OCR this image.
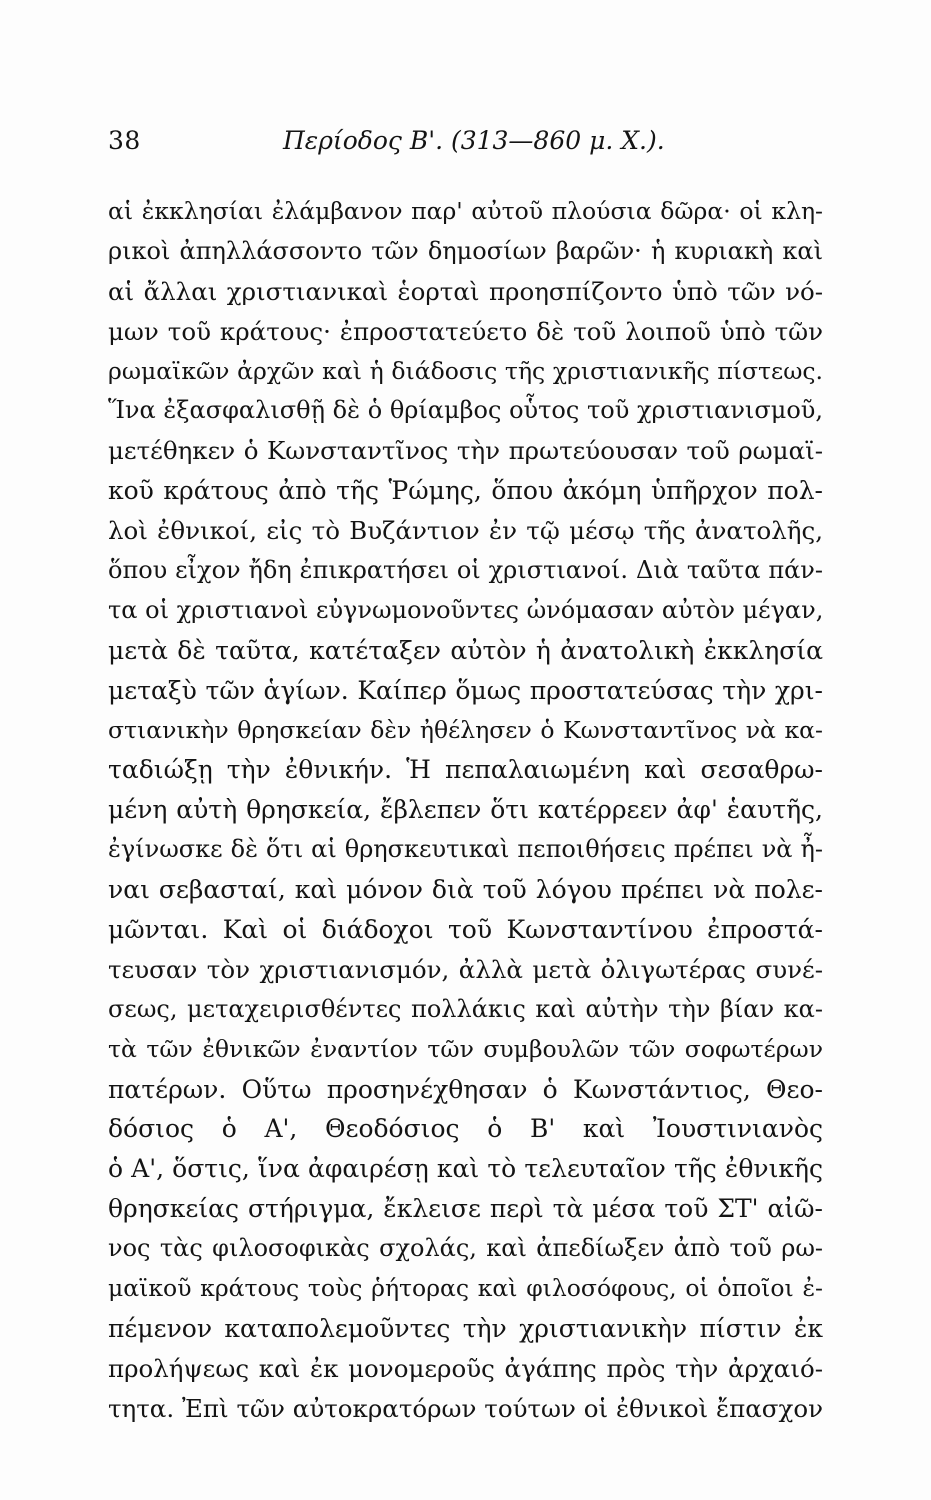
38	Περίοδος Β'. (313—860 μ. Χ.).
αἱ ἐκκλησίαι ἐλάμβανον παρ' αὐτοῦ πλούσια δῶρα· οἱ κλη-
ρικοὶ ἀπηλλάσσοντο τῶν δημοσίων βαρῶν· ἡ κυριακὴ καὶ
αἱ ἄλλαι χριστιανικαὶ ἑορταὶ προησπίζοντο ὑπὸ τῶν νό-
μων τοῦ κράτους· ἐπροστατεύετο δὲ τοῦ λοιποῦ ὑπὸ τῶν
ρωμαϊκῶν ἀρχῶν καὶ ἡ διάδοσις τῆς χριστιανικῆς πίστεως.
Ἵνα ἐξασφαλισθῇ δὲ ὁ θρίαμβος οὗτος τοῦ χριστιανισμοῦ,
μετέθηκεν ὁ Κωνσταντῖνος τὴν πρωτεύουσαν τοῦ ρωμαϊ-
κοῦ κράτους ἀπὸ τῆς Ῥώμης, ὅπου ἀκόμη ὑπῆρχον πολ-
λοὶ ἐθνικοί, εἰς τὸ Βυζάντιον ἐν τῷ μέσῳ τῆς ἀνατολῆς,
ὅπου εἶχον ἤδη ἐπικρατήσει οἱ χριστιανοί. Διὰ ταῦτα πάν-
τα οἱ χριστιανοὶ εὐγνωμονοῦντες ὠνόμασαν αὐτὸν μέγαν,
μετὰ δὲ ταῦτα, κατέταξεν αὐτὸν ἡ ἀνατολικὴ ἐκκλησία
μεταξὺ τῶν ἁγίων. Καίπερ ὅμως προστατεύσας τὴν χρι-
στιανικὴν θρησκείαν δὲν ἠθέλησεν ὁ Κωνσταντῖνος νὰ κα-
ταδιώξῃ τὴν ἐθνικήν. Ἡ πεπαλαιωμένη καὶ σεσαθρω-
μένη αὐτὴ θρησκεία, ἔβλεπεν ὅτι κατέρρεεν ἀφ' ἑαυτῆς,
ἐγίνωσκε δὲ ὅτι αἱ θρησκευτικαὶ πεποιθήσεις πρέπει νὰ ἦ-
ναι σεβασταί, καὶ μόνον διὰ τοῦ λόγου πρέπει νὰ πολε-
μῶνται. Καὶ οἱ διάδοχοι τοῦ Κωνσταντίνου ἐπροστά-
τευσαν τὸν χριστιανισμόν, ἀλλὰ μετὰ ὀλιγωτέρας συνέ-
σεως, μεταχειρισθέντες πολλάκις καὶ αὐτὴν τὴν βίαν κα-
τὰ τῶν ἐθνικῶν ἐναντίον τῶν συμβουλῶν τῶν σοφωτέρων
πατέρων. Οὕτω προσηνέχθησαν ὁ Κωνστάντιος, Θεο-
δόσιος ὁ Α', Θεοδόσιος ὁ Β' καὶ Ἰουστινιανὸς
ὁ Α', ὅστις, ἵνα ἀφαιρέσῃ καὶ τὸ τελευταῖον τῆς ἐθνικῆς
θρησκείας στήριγμα, ἔκλεισε περὶ τὰ μέσα τοῦ ΣΤ' αἰῶ-
νος τὰς φιλοσοφικὰς σχολάς, καὶ ἀπεδίωξεν ἀπὸ τοῦ ρω-
μαϊκοῦ κράτους τοὺς ῥήτορας καὶ φιλοσόφους, οἱ ὁποῖοι ἐ-
πέμενον καταπολεμοῦντες τὴν χριστιανικὴν πίστιν ἐκ
προλήψεως καὶ ἐκ μονομεροῦς ἀγάπης πρὸς τὴν ἀρχαιό-
τητα. Ἐπὶ τῶν αὐτοκρατόρων τούτων οἱ ἐθνικοὶ ἔπασχον
